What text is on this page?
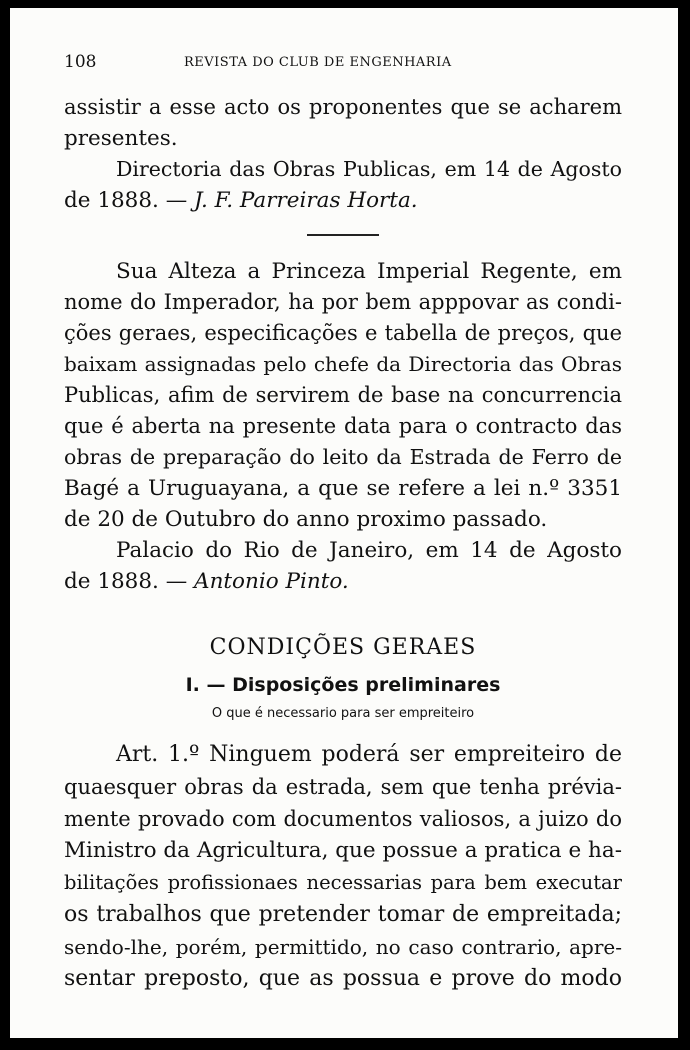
108	REVISTA DO CLUB DE ENGENHARIA
assistir a esse acto os proponentes que se acharem
presentes.
Directoria das Obras Publicas, em 14 de Agosto
de 1888. — J. F. Parreiras Horta.
Sua Alteza a Princeza Imperial Regente, em
nome do Imperador, ha por bem apppovar as condi-
ções geraes, especificações e tabella de preços, que
baixam assignadas pelo chefe da Directoria das Obras
Publicas, afim de servirem de base na concurrencia
que é aberta na presente data para o contracto das
obras de preparação do leito da Estrada de Ferro de
Bagé a Uruguayana, a que se refere a lei n.º 3351
de 20 de Outubro do anno proximo passado.
Palacio do Rio de Janeiro, em 14 de Agosto
de 1888. — Antonio Pinto.
CONDIÇÕES GERAES
I. — Disposições preliminares
O que é necessario para ser empreiteiro
Art. 1.º Ninguem poderá ser empreiteiro de
quaesquer obras da estrada, sem que tenha prévia-
mente provado com documentos valiosos, a juizo do
Ministro da Agricultura, que possue a pratica e ha-
bilitações profissionaes necessarias para bem executar
os trabalhos que pretender tomar de empreitada;
sendo-lhe, porém, permittido, no caso contrario, apre-
sentar preposto, que as possua e prove do modo
